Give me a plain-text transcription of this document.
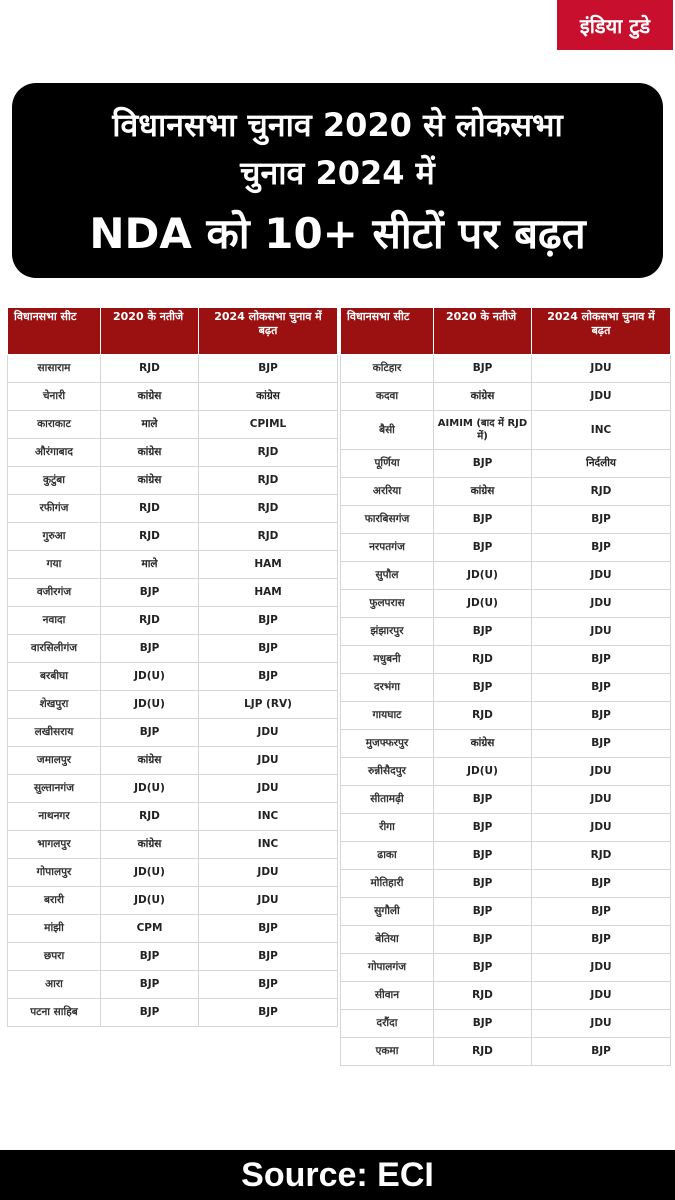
इंडिया टुडे
विधानसभा चुनाव 2020 से लोकसभा
चुनाव 2024 में
NDA को 10+ सीटों पर बढ़त
विधानसभा सीट	2020 के नतीजे	2024 लोकसभा चुनाव में बढ़त
सासाराम	RJD	BJP
चेनारी	कांग्रेस	कांग्रेस
काराकाट	माले	CPIML
औरंगाबाद	कांग्रेस	RJD
कुटुंबा	कांग्रेस	RJD
रफीगंज	RJD	RJD
गुरुआ	RJD	RJD
गया	माले	HAM
वजीरगंज	BJP	HAM
नवादा	RJD	BJP
वारसिलीगंज	BJP	BJP
बरबीघा	JD(U)	BJP
शेखपुरा	JD(U)	LJP (RV)
लखीसराय	BJP	JDU
जमालपुर	कांग्रेस	JDU
सुल्तानगंज	JD(U)	JDU
नाथनगर	RJD	INC
भागलपुर	कांग्रेस	INC
गोपालपुर	JD(U)	JDU
बरारी	JD(U)	JDU
मांझी	CPM	BJP
छपरा	BJP	BJP
आरा	BJP	BJP
पटना साहिब	BJP	BJP
विधानसभा सीट	2020 के नतीजे	2024 लोकसभा चुनाव में बढ़त
कटिहार	BJP	JDU
कदवा	कांग्रेस	JDU
बैसी	AIMIM (बाद में RJD में)	INC
पूर्णिया	BJP	निर्दलीय
अररिया	कांग्रेस	RJD
फारबिसगंज	BJP	BJP
नरपतगंज	BJP	BJP
सुपौल	JD(U)	JDU
फुलपरास	JD(U)	JDU
झंझारपुर	BJP	JDU
मधुबनी	RJD	BJP
दरभंगा	BJP	BJP
गायघाट	RJD	BJP
मुजफ्फरपुर	कांग्रेस	BJP
रुन्नीसैदपुर	JD(U)	JDU
सीतामढ़ी	BJP	JDU
रीगा	BJP	JDU
ढाका	BJP	RJD
मोतिहारी	BJP	BJP
सुगौली	BJP	BJP
बेतिया	BJP	BJP
गोपालगंज	BJP	JDU
सीवान	RJD	JDU
दरौंदा	BJP	JDU
एकमा	RJD	BJP
Source: ECI
